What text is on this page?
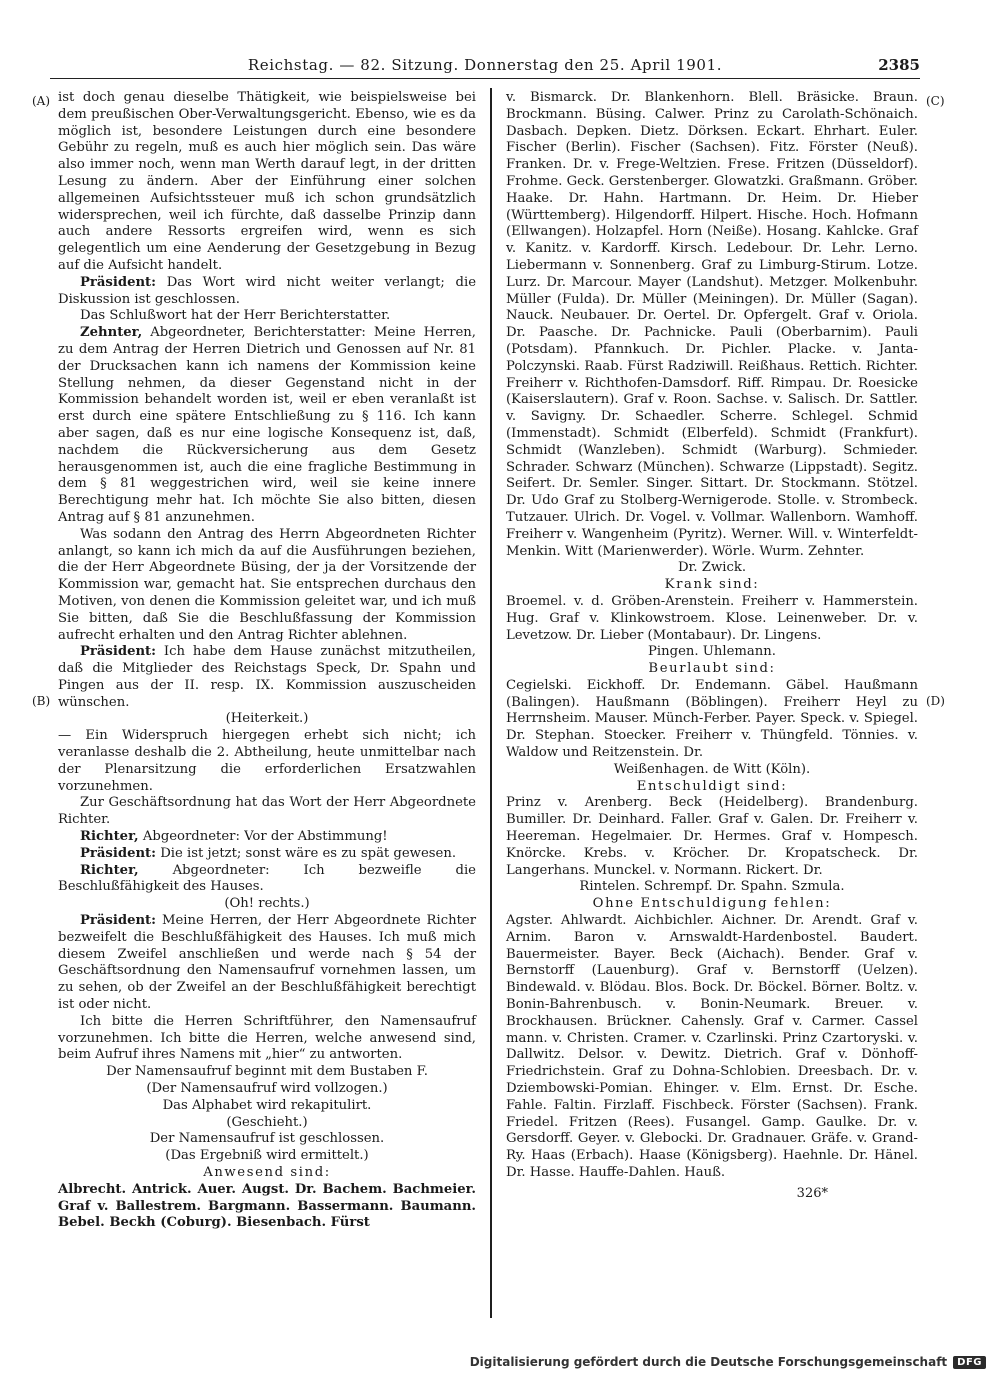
Reichstag. — 82. Sitzung. Donnerstag den 25. April 1901.	2385
(A)
(B)
(C)
(D)

ist doch genau dieselbe Thätigkeit, wie beispielsweise bei dem preußischen Ober-Verwaltungsgericht. Ebenso, wie es da möglich ist, besondere Leistungen durch eine besondere Gebühr zu regeln, muß es auch hier möglich sein. Das wäre also immer noch, wenn man Werth darauf legt, in der dritten Lesung zu ändern. Aber der Einführung einer solchen allgemeinen Aufsichtssteuer muß ich schon grundsätzlich widersprechen, weil ich fürchte, daß dasselbe Prinzip dann auch andere Ressorts ergreifen wird, wenn es sich gelegentlich um eine Aenderung der Gesetzgebung in Bezug auf die Aufsicht handelt.

Präsident: Das Wort wird nicht weiter verlangt; die Diskussion ist geschlossen.

Das Schlußwort hat der Herr Berichterstatter.

Zehnter, Abgeordneter, Berichterstatter: Meine Herren, zu dem Antrag der Herren Dietrich und Genossen auf Nr. 81 der Drucksachen kann ich namens der Kommission keine Stellung nehmen, da dieser Gegenstand nicht in der Kommission behandelt worden ist, weil er eben veranlaßt ist erst durch eine spätere Entschließung zu § 116. Ich kann aber sagen, daß es nur eine logische Konsequenz ist, daß, nachdem die Rückversicherung aus dem Gesetz herausgenommen ist, auch die eine fragliche Bestimmung in dem § 81 weggestrichen wird, weil sie keine innere Berechtigung mehr hat. Ich möchte Sie also bitten, diesen Antrag auf § 81 anzunehmen.

Was sodann den Antrag des Herrn Abgeordneten Richter anlangt, so kann ich mich da auf die Ausführungen beziehen, die der Herr Abgeordnete Büsing, der ja der Vorsitzende der Kommission war, gemacht hat. Sie entsprechen durchaus den Motiven, von denen die Kommission geleitet war, und ich muß Sie bitten, daß Sie die Beschlußfassung der Kommission aufrecht erhalten und den Antrag Richter ablehnen.

Präsident: Ich habe dem Hause zunächst mitzutheilen, daß die Mitglieder des Reichstags Speck, Dr. Spahn und Pingen aus der II. resp. IX. Kommission auszuscheiden wünschen.

(Heiterkeit.)

— Ein Widerspruch hiergegen erhebt sich nicht; ich veranlasse deshalb die 2. Abtheilung, heute unmittelbar nach der Plenarsitzung die erforderlichen Ersatzwahlen vorzunehmen.

Zur Geschäftsordnung hat das Wort der Herr Abgeordnete Richter.

Richter, Abgeordneter: Vor der Abstimmung!

Präsident: Die ist jetzt; sonst wäre es zu spät gewesen.

Richter, Abgeordneter: Ich bezweifle die Beschlußfähigkeit des Hauses.

(Oh! rechts.)

Präsident: Meine Herren, der Herr Abgeordnete Richter bezweifelt die Beschlußfähigkeit des Hauses. Ich muß mich diesem Zweifel anschließen und werde nach § 54 der Geschäftsordnung den Namensaufruf vornehmen lassen, um zu sehen, ob der Zweifel an der Beschlußfähigkeit berechtigt ist oder nicht.

Ich bitte die Herren Schriftführer, den Namensaufruf vorzunehmen. Ich bitte die Herren, welche anwesend sind, beim Aufruf ihres Namens mit „hier“ zu antworten.

Der Namensaufruf beginnt mit dem Bustaben F.

(Der Namensaufruf wird vollzogen.)

Das Alphabet wird rekapitulirt.

(Geschieht.)

Der Namensaufruf ist geschlossen.

(Das Ergebniß wird ermittelt.)

Anwesend sind:

Albrecht. Antrick. Auer. Augst. Dr. Bachem. Bachmeier. Graf v. Ballestrem. Bargmann. Bassermann. Baumann. Bebel. Beckh (Coburg). Biesenbach. Fürst

v. Bismarck. Dr. Blankenhorn. Blell. Bräsicke. Braun. Brockmann. Büsing. Calwer. Prinz zu Carolath-Schönaich. Dasbach. Depken. Dietz. Dörksen. Eckart. Ehrhart. Euler. Fischer (Berlin). Fischer (Sachsen). Fitz. Förster (Neuß). Franken. Dr. v. Frege-Weltzien. Frese. Fritzen (Düsseldorf). Frohme. Geck. Gerstenberger. Glowatzki. Graßmann. Gröber. Haake. Dr. Hahn. Hartmann. Dr. Heim. Dr. Hieber (Württemberg). Hilgendorff. Hilpert. Hische. Hoch. Hofmann (Ellwangen). Holzapfel. Horn (Neiße). Hosang. Kahlcke. Graf v. Kanitz. v. Kardorff. Kirsch. Ledebour. Dr. Lehr. Lerno. Liebermann v. Sonnenberg. Graf zu Limburg-Stirum. Lotze. Lurz. Dr. Marcour. Mayer (Landshut). Metzger. Molkenbuhr. Müller (Fulda). Dr. Müller (Meiningen). Dr. Müller (Sagan). Nauck. Neubauer. Dr. Oertel. Dr. Opfergelt. Graf v. Oriola. Dr. Paasche. Dr. Pachnicke. Pauli (Oberbarnim). Pauli (Potsdam). Pfannkuch. Dr. Pichler. Placke. v. Janta-Polczynski. Raab. Fürst Radziwill. Reißhaus. Rettich. Richter. Freiherr v. Richthofen-Damsdorf. Riff. Rimpau. Dr. Roesicke (Kaiserslautern). Graf v. Roon. Sachse. v. Salisch. Dr. Sattler. v. Savigny. Dr. Schaedler. Scherre. Schlegel. Schmid (Immenstadt). Schmidt (Elberfeld). Schmidt (Frankfurt). Schmidt (Wanzleben). Schmidt (Warburg). Schmieder. Schrader. Schwarz (München). Schwarze (Lippstadt). Segitz. Seifert. Dr. Semler. Singer. Sittart. Dr. Stockmann. Stötzel. Dr. Udo Graf zu Stolberg-Wernigerode. Stolle. v. Strombeck. Tutzauer. Ulrich. Dr. Vogel. v. Vollmar. Wallenborn. Wamhoff. Freiherr v. Wangenheim (Pyritz). Werner. Will. v. Winterfeldt-Menkin. Witt (Marienwerder). Wörle. Wurm. Zehnter.

Dr. Zwick.

Krank sind:

Broemel. v. d. Gröben-Arenstein. Freiherr v. Hammerstein. Hug. Graf v. Klinkowstroem. Klose. Leinenweber. Dr. v. Levetzow. Dr. Lieber (Montabaur). Dr. Lingens.

Pingen. Uhlemann.

Beurlaubt sind:

Cegielski. Eickhoff. Dr. Endemann. Gäbel. Haußmann (Balingen). Haußmann (Böblingen). Freiherr Heyl zu Herrnsheim. Mauser. Münch-Ferber. Payer. Speck. v. Spiegel. Dr. Stephan. Stoecker. Freiherr v. Thüngfeld. Tönnies. v. Waldow und Reitzenstein. Dr.

Weißenhagen. de Witt (Köln).

Entschuldigt sind:

Prinz v. Arenberg. Beck (Heidelberg). Brandenburg. Bumiller. Dr. Deinhard. Faller. Graf v. Galen. Dr. Freiherr v. Heereman. Hegelmaier. Dr. Hermes. Graf v. Hompesch. Knörcke. Krebs. v. Kröcher. Dr. Kropatscheck. Dr. Langerhans. Munckel. v. Normann. Rickert. Dr.

Rintelen. Schrempf. Dr. Spahn. Szmula.

Ohne Entschuldigung fehlen:

Agster. Ahlwardt. Aichbichler. Aichner. Dr. Arendt. Graf v. Arnim. Baron v. Arnswaldt-Hardenbostel. Baudert. Bauermeister. Bayer. Beck (Aichach). Bender. Graf v. Bernstorff (Lauenburg). Graf v. Bernstorff (Uelzen). Bindewald. v. Blödau. Blos. Bock. Dr. Böckel. Börner. Boltz. v. Bonin-Bahrenbusch. v. Bonin-Neumark. Breuer. v. Brockhausen. Brückner. Cahensly. Graf v. Carmer. Cassel mann. v. Christen. Cramer. v. Czarlinski. Prinz Czartoryski. v. Dallwitz. Delsor. v. Dewitz. Dietrich. Graf v. Dönhoff-Friedrichstein. Graf zu Dohna-Schlobien. Dreesbach. Dr. v. Dziembowski-Pomian. Ehinger. v. Elm. Ernst. Dr. Esche. Fahle. Faltin. Firzlaff. Fischbeck. Förster (Sachsen). Frank. Friedel. Fritzen (Rees). Fusangel. Gamp. Gaulke. Dr. v. Gersdorff. Geyer. v. Glebocki. Dr. Gradnauer. Gräfe. v. Grand-Ry. Haas (Erbach). Haase (Königsberg). Haehnle. Dr. Hänel. Dr. Hasse. Hauffe-Dahlen. Hauß.

326*

Digitalisierung gefördert durch die Deutsche Forschungsgemeinschaft	DFG
